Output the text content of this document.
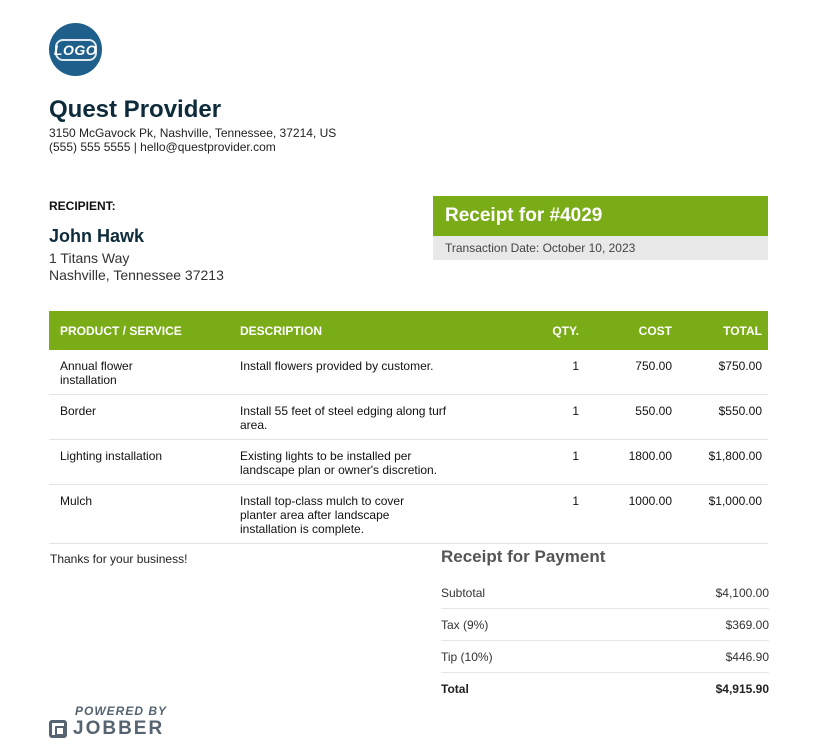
LOGO
Quest Provider
3150 McGavock Pk, Nashville, Tennessee, 37214, US
(555) 555 5555 | hello@questprovider.com
RECIPIENT:
John Hawk
1 Titans Way
Nashville, Tennessee 37213
Receipt for #4029
Transaction Date: October 10, 2023
PRODUCT / SERVICE	DESCRIPTION	QTY.	COST	TOTAL
Annual flower installation	Install flowers provided by customer.	1	750.00	$750.00
Border	Install 55 feet of steel edging along turf area.	1	550.00	$550.00
Lighting installation	Existing lights to be installed per landscape plan or owner's discretion.	1	1800.00	$1,800.00
Mulch	Install top-class mulch to cover planter area after landscape installation is complete.	1	1000.00	$1,000.00
Thanks for your business!	Receipt for Payment
Subtotal	$4,100.00
Tax (9%)	$369.00
Tip (10%)	$446.90
Total	$4,915.90
POWERED BY
JOBBER
